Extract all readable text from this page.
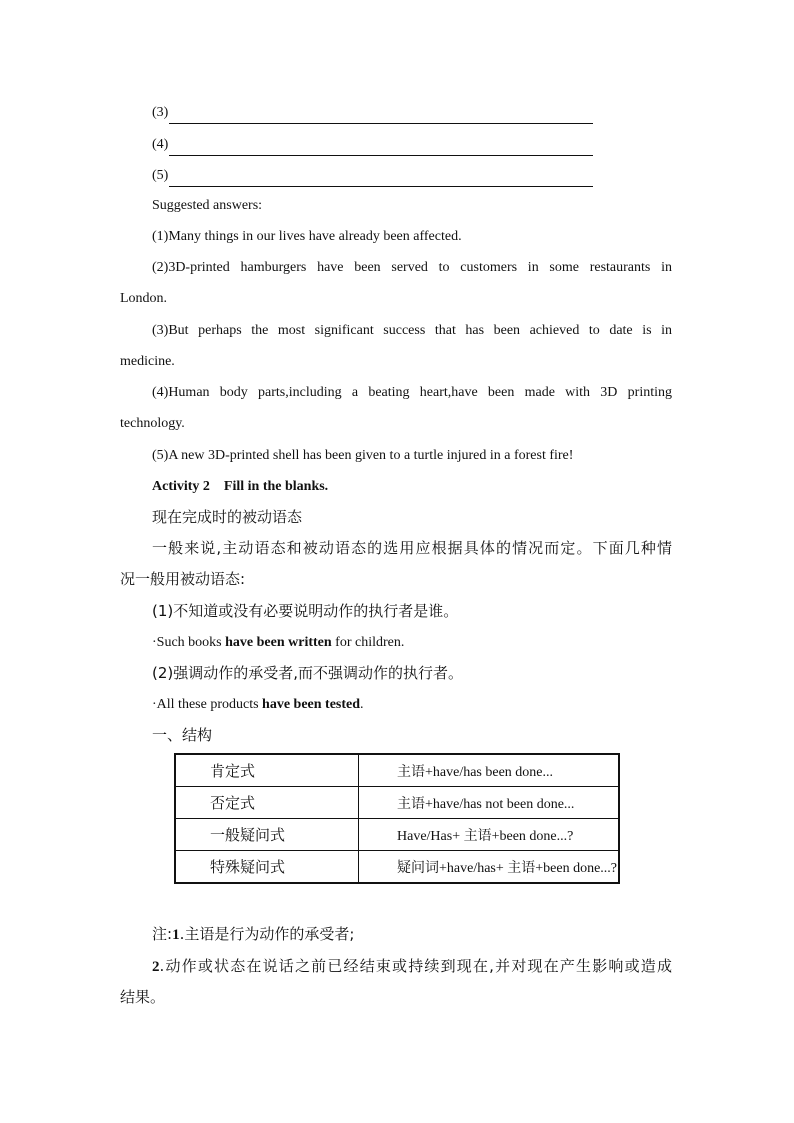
(3)
(4)
(5)
Suggested answers:
(1)Many things in our lives have already been affected.
(2)3D-printed hamburgers have been served to customers in some restaurants in
London.
(3)But perhaps the most significant success that has been achieved to date is in
medicine.
(4)Human body parts,including a beating heart,have been made with 3D printing
technology.
(5)A new 3D-printed shell has been given to a turtle injured in a forest fire!
Activity 2 Fill in the blanks.
现在完成时的被动语态
一般来说,主动语态和被动语态的选用应根据具体的情况而定。下面几种情
况一般用被动语态:
(1)不知道或没有必要说明动作的执行者是谁。
·Such books have been written for children.
(2)强调动作的承受者,而不强调动作的执行者。
·All these products have been tested.
一、结构
肯定式	主语+have/has been done...
否定式	主语+have/has not been done...
一般疑问式	Have/Has+ 主语+been done...?
特殊疑问式	疑问词+have/has+ 主语+been done...?
注:1.主语是行为动作的承受者;
2.动作或状态在说话之前已经结束或持续到现在,并对现在产生影响或造成
结果。
